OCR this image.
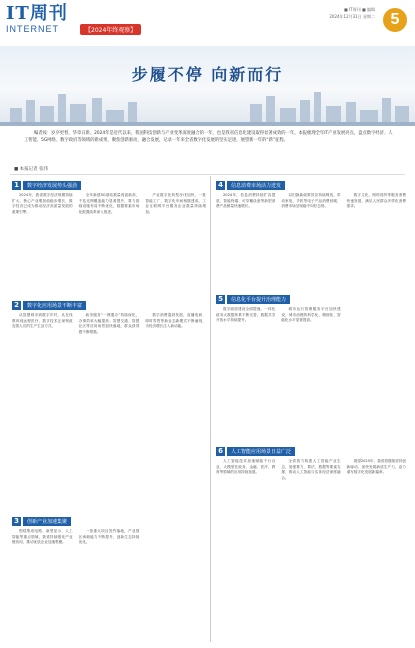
IT周刊
INTERNET	【2024年终观察】
■ IT周刊 ■ 编辑
2024年12月31日 星期二 5
步履不停 向新而行
编者按：岁序更替，华章日新。2024年是近代以来，我国科技创新与产业变革深度融合的一年，也是我省信息化建设取得显著成效的一年。本报梳理全年IT产业发展亮点，盘点数字经济、人工智能、5G网络、数字政府等领域的新成果，聚焦创新驱动、融合发展，记录一年来全省数字化发展的坚实足迹，展望新一年的“新”征程。
■ 本报记者 张伟
1	数字经济发展势头强劲

2024年，我省数字经济规模持续扩大，核心产业增加值稳步增长，数字经济已成为推动经济高质量发展的重要引擎。

全年新建5G基站数量再创新高，千兆光网覆盖能力显著提升，算力基础设施布局不断优化，数据要素市场化配置改革深入推进。

产业数字化转型步伐加快，一批智能工厂、数字化车间相继建成，工业互联网平台服务企业数量持续增加。

2	数字化应用场景不断丰富

从智慧城市到数字乡村，从在线教育到远程医疗，数字技术正深刻改变着人们的生产生活方式。

政务服务“一网通办”持续深化，办事效率大幅提高；智慧交通、智慧社区等应用场景加快落地，群众获得感不断增强。

数字消费蓬勃发展，直播电商、即时零售等新业态新模式不断涌现，为经济增长注入新动能。

3	创新产业加速集聚

围绕集成电路、新型显示、人工智能等重点领域，我省持续强化产业链协同，推动优质企业加速集聚。

一批重大项目签约落地，产业园区承载能力不断提升，创新生态持续优化。

4	信息消费市场活力迸发

2024年，信息消费持续扩容提质，智能终端、可穿戴设备等新型消费产品销量快速增长。

以旧换新政策效应持续释放，带动家电、手机等电子产品消费回暖，消费市场呈现稳中向好态势。

数字文化、网络视听等服务消费快速发展，满足人民群众多样化消费需求。

5	信息化平台提升治理能力

数字政府建设全面提速，一体化政务大数据体系不断完善，数据共享开放水平持续提升。

城市运行管理服务平台加快建设，城市治理的科学化、精细化、智能化水平显著提高。

6	人工智能应用场景日益广泛

人工智能技术加速赋能千行百业，大模型在政务、金融、医疗、教育等领域的应用持续拓展。

全省着力构建人工智能产业生态，加强算力、算法、数据等要素支撑，推动人工智能与实体经济深度融合。

展望2025年，我省将继续坚持创新驱动，加快发展新质生产力，奋力谱写数字化发展新篇章。
